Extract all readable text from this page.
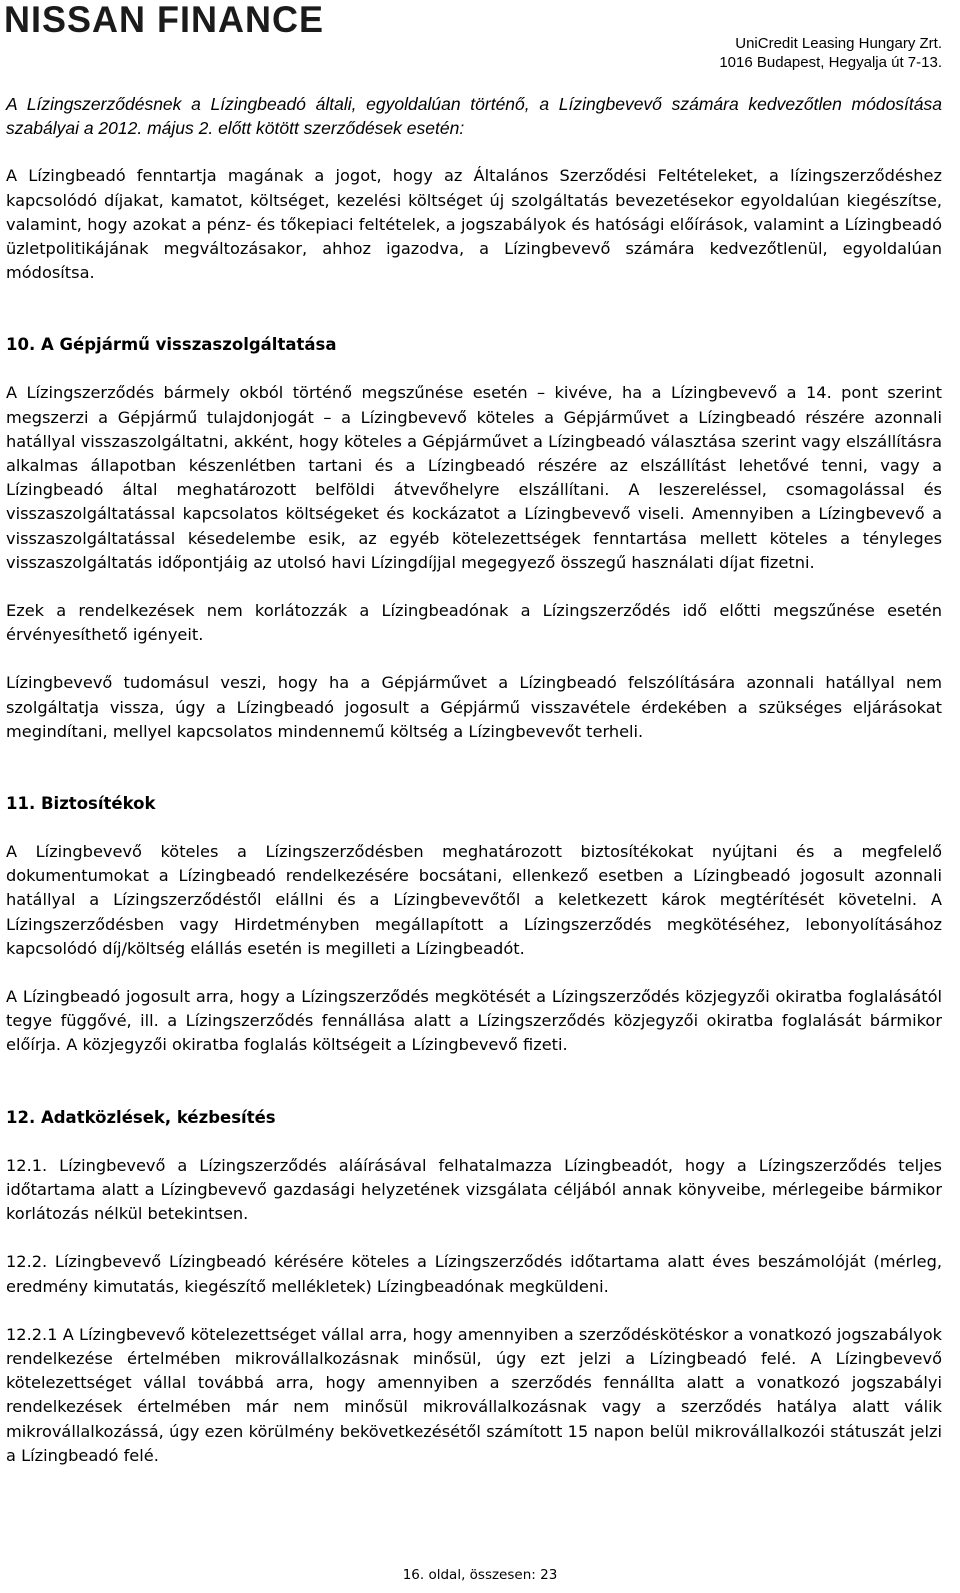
NISSAN FINANCE
UniCredit Leasing Hungary Zrt.
1016 Budapest, Hegyalja út 7-13.

A Lízingszerződésnek a Lízingbeadó általi, egyoldalúan történő, a Lízingbevevő számára kedvezőtlen módosítása szabályai a 2012. május 2. előtt kötött szerződések esetén:

A Lízingbeadó fenntartja magának a jogot, hogy az Általános Szerződési Feltételeket, a lízingszerződéshez kapcsolódó díjakat, kamatot, költséget, kezelési költséget új szolgáltatás bevezetésekor egyoldalúan kiegészítse, valamint, hogy azokat a pénz- és tőkepiaci feltételek, a jogszabályok és hatósági előírások, valamint a Lízingbeadó üzletpolitikájának megváltozásakor, ahhoz igazodva, a Lízingbevevő számára kedvezőtlenül, egyoldalúan módosítsa.

10. A Gépjármű visszaszolgáltatása

A Lízingszerződés bármely okból történő megszűnése esetén – kivéve, ha a Lízingbevevő a 14. pont szerint megszerzi a Gépjármű tulajdonjogát – a Lízingbevevő köteles a Gépjárművet a Lízingbeadó részére azonnali hatállyal visszaszolgáltatni, akként, hogy köteles a Gépjárművet a Lízingbeadó választása szerint vagy elszállításra alkalmas állapotban készenlétben tartani és a Lízingbeadó részére az elszállítást lehetővé tenni, vagy a Lízingbeadó által meghatározott belföldi átvevőhelyre elszállítani. A leszereléssel, csomagolással és visszaszolgáltatással kapcsolatos költségeket és kockázatot a Lízingbevevő viseli. Amennyiben a Lízingbevevő a visszaszolgáltatással késedelembe esik, az egyéb kötelezettségek fenntartása mellett köteles a tényleges visszaszolgáltatás időpontjáig az utolsó havi Lízingdíjjal megegyező összegű használati díjat fizetni.

Ezek a rendelkezések nem korlátozzák a Lízingbeadónak a Lízingszerződés idő előtti megszűnése esetén érvényesíthető igényeit.

Lízingbevevő tudomásul veszi, hogy ha a Gépjárművet a Lízingbeadó felszólítására azonnali hatállyal nem szolgáltatja vissza, úgy a Lízingbeadó jogosult a Gépjármű visszavétele érdekében a szükséges eljárásokat megindítani, mellyel kapcsolatos mindennemű költség a Lízingbevevőt terheli.

11. Biztosítékok

A Lízingbevevő köteles a Lízingszerződésben meghatározott biztosítékokat nyújtani és a megfelelő dokumentumokat a Lízingbeadó rendelkezésére bocsátani, ellenkező esetben a Lízingbeadó jogosult azonnali hatállyal a Lízingszerződéstől elállni és a Lízingbevevőtől a keletkezett károk megtérítését követelni. A Lízingszerződésben vagy Hirdetményben megállapított a Lízingszerződés megkötéséhez, lebonyolításához kapcsolódó díj/költség elállás esetén is megilleti a Lízingbeadót.

A Lízingbeadó jogosult arra, hogy a Lízingszerződés megkötését a Lízingszerződés közjegyzői okiratba foglalásától tegye függővé, ill. a Lízingszerződés fennállása alatt a Lízingszerződés közjegyzői okiratba foglalását bármikor előírja. A közjegyzői okiratba foglalás költségeit a Lízingbevevő fizeti.

12. Adatközlések, kézbesítés

12.1. Lízingbevevő a Lízingszerződés aláírásával felhatalmazza Lízingbeadót, hogy a Lízingszerződés teljes időtartama alatt a Lízingbevevő gazdasági helyzetének vizsgálata céljából annak könyveibe, mérlegeibe bármikor korlátozás nélkül betekintsen.

12.2. Lízingbevevő Lízingbeadó kérésére köteles a Lízingszerződés időtartama alatt éves beszámolóját (mérleg, eredmény kimutatás, kiegészítő mellékletek) Lízingbeadónak megküldeni.

12.2.1 A Lízingbevevő kötelezettséget vállal arra, hogy amennyiben a szerződéskötéskor a vonatkozó jogszabályok rendelkezése értelmében mikrovállalkozásnak minősül, úgy ezt jelzi a Lízingbeadó felé. A Lízingbevevő kötelezettséget vállal továbbá arra, hogy amennyiben a szerződés fennállta alatt a vonatkozó jogszabályi rendelkezések értelmében már nem minősül mikrovállalkozásnak vagy a szerződés hatálya alatt válik mikrovállalkozássá, úgy ezen körülmény bekövetkezésétől számított 15 napon belül mikrovállalkozói státuszát jelzi a Lízingbeadó felé.

16. oldal, összesen: 23
